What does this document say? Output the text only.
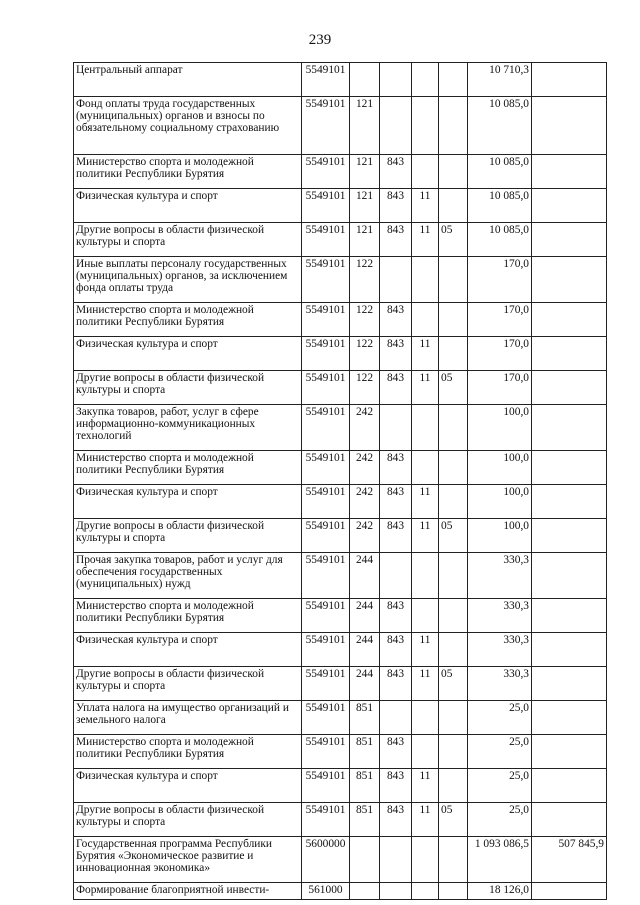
239
Центральный аппарат	5549101					10 710,3	
Фонд оплаты труда государственных (муниципальных) органов и взносы по обязательному социальному страхованию	5549101	121				10 085,0	
Министерство спорта и молодежной политики Республики Бурятия	5549101	121	843			10 085,0	
Физическая культура и спорт	5549101	121	843	11		10 085,0	
Другие вопросы в области физической культуры и спорта	5549101	121	843	11	05	10 085,0	
Иные выплаты персоналу государственных (муниципальных) органов, за исключением фонда оплаты труда	5549101	122				170,0	
Министерство спорта и молодежной политики Республики Бурятия	5549101	122	843			170,0	
Физическая культура и спорт	5549101	122	843	11		170,0	
Другие вопросы в области физической культуры и спорта	5549101	122	843	11	05	170,0	
Закупка товаров, работ, услуг в сфере информационно-коммуникационных технологий	5549101	242				100,0	
Министерство спорта и молодежной политики Республики Бурятия	5549101	242	843			100,0	
Физическая культура и спорт	5549101	242	843	11		100,0	
Другие вопросы в области физической культуры и спорта	5549101	242	843	11	05	100,0	
Прочая закупка товаров, работ и услуг для обеспечения государственных (муниципальных) нужд	5549101	244				330,3	
Министерство спорта и молодежной политики Республики Бурятия	5549101	244	843			330,3	
Физическая культура и спорт	5549101	244	843	11		330,3	
Другие вопросы в области физической культуры и спорта	5549101	244	843	11	05	330,3	
Уплата налога на имущество организаций и земельного налога	5549101	851				25,0	
Министерство спорта и молодежной политики Республики Бурятия	5549101	851	843			25,0	
Физическая культура и спорт	5549101	851	843	11		25,0	
Другие вопросы в области физической культуры и спорта	5549101	851	843	11	05	25,0	
Государственная программа Республики Бурятия «Экономическое развитие и инновационная экономика»	5600000					1 093 086,5	507 845,9
Формирование благоприятной инвести-	561000					18 126,0	
